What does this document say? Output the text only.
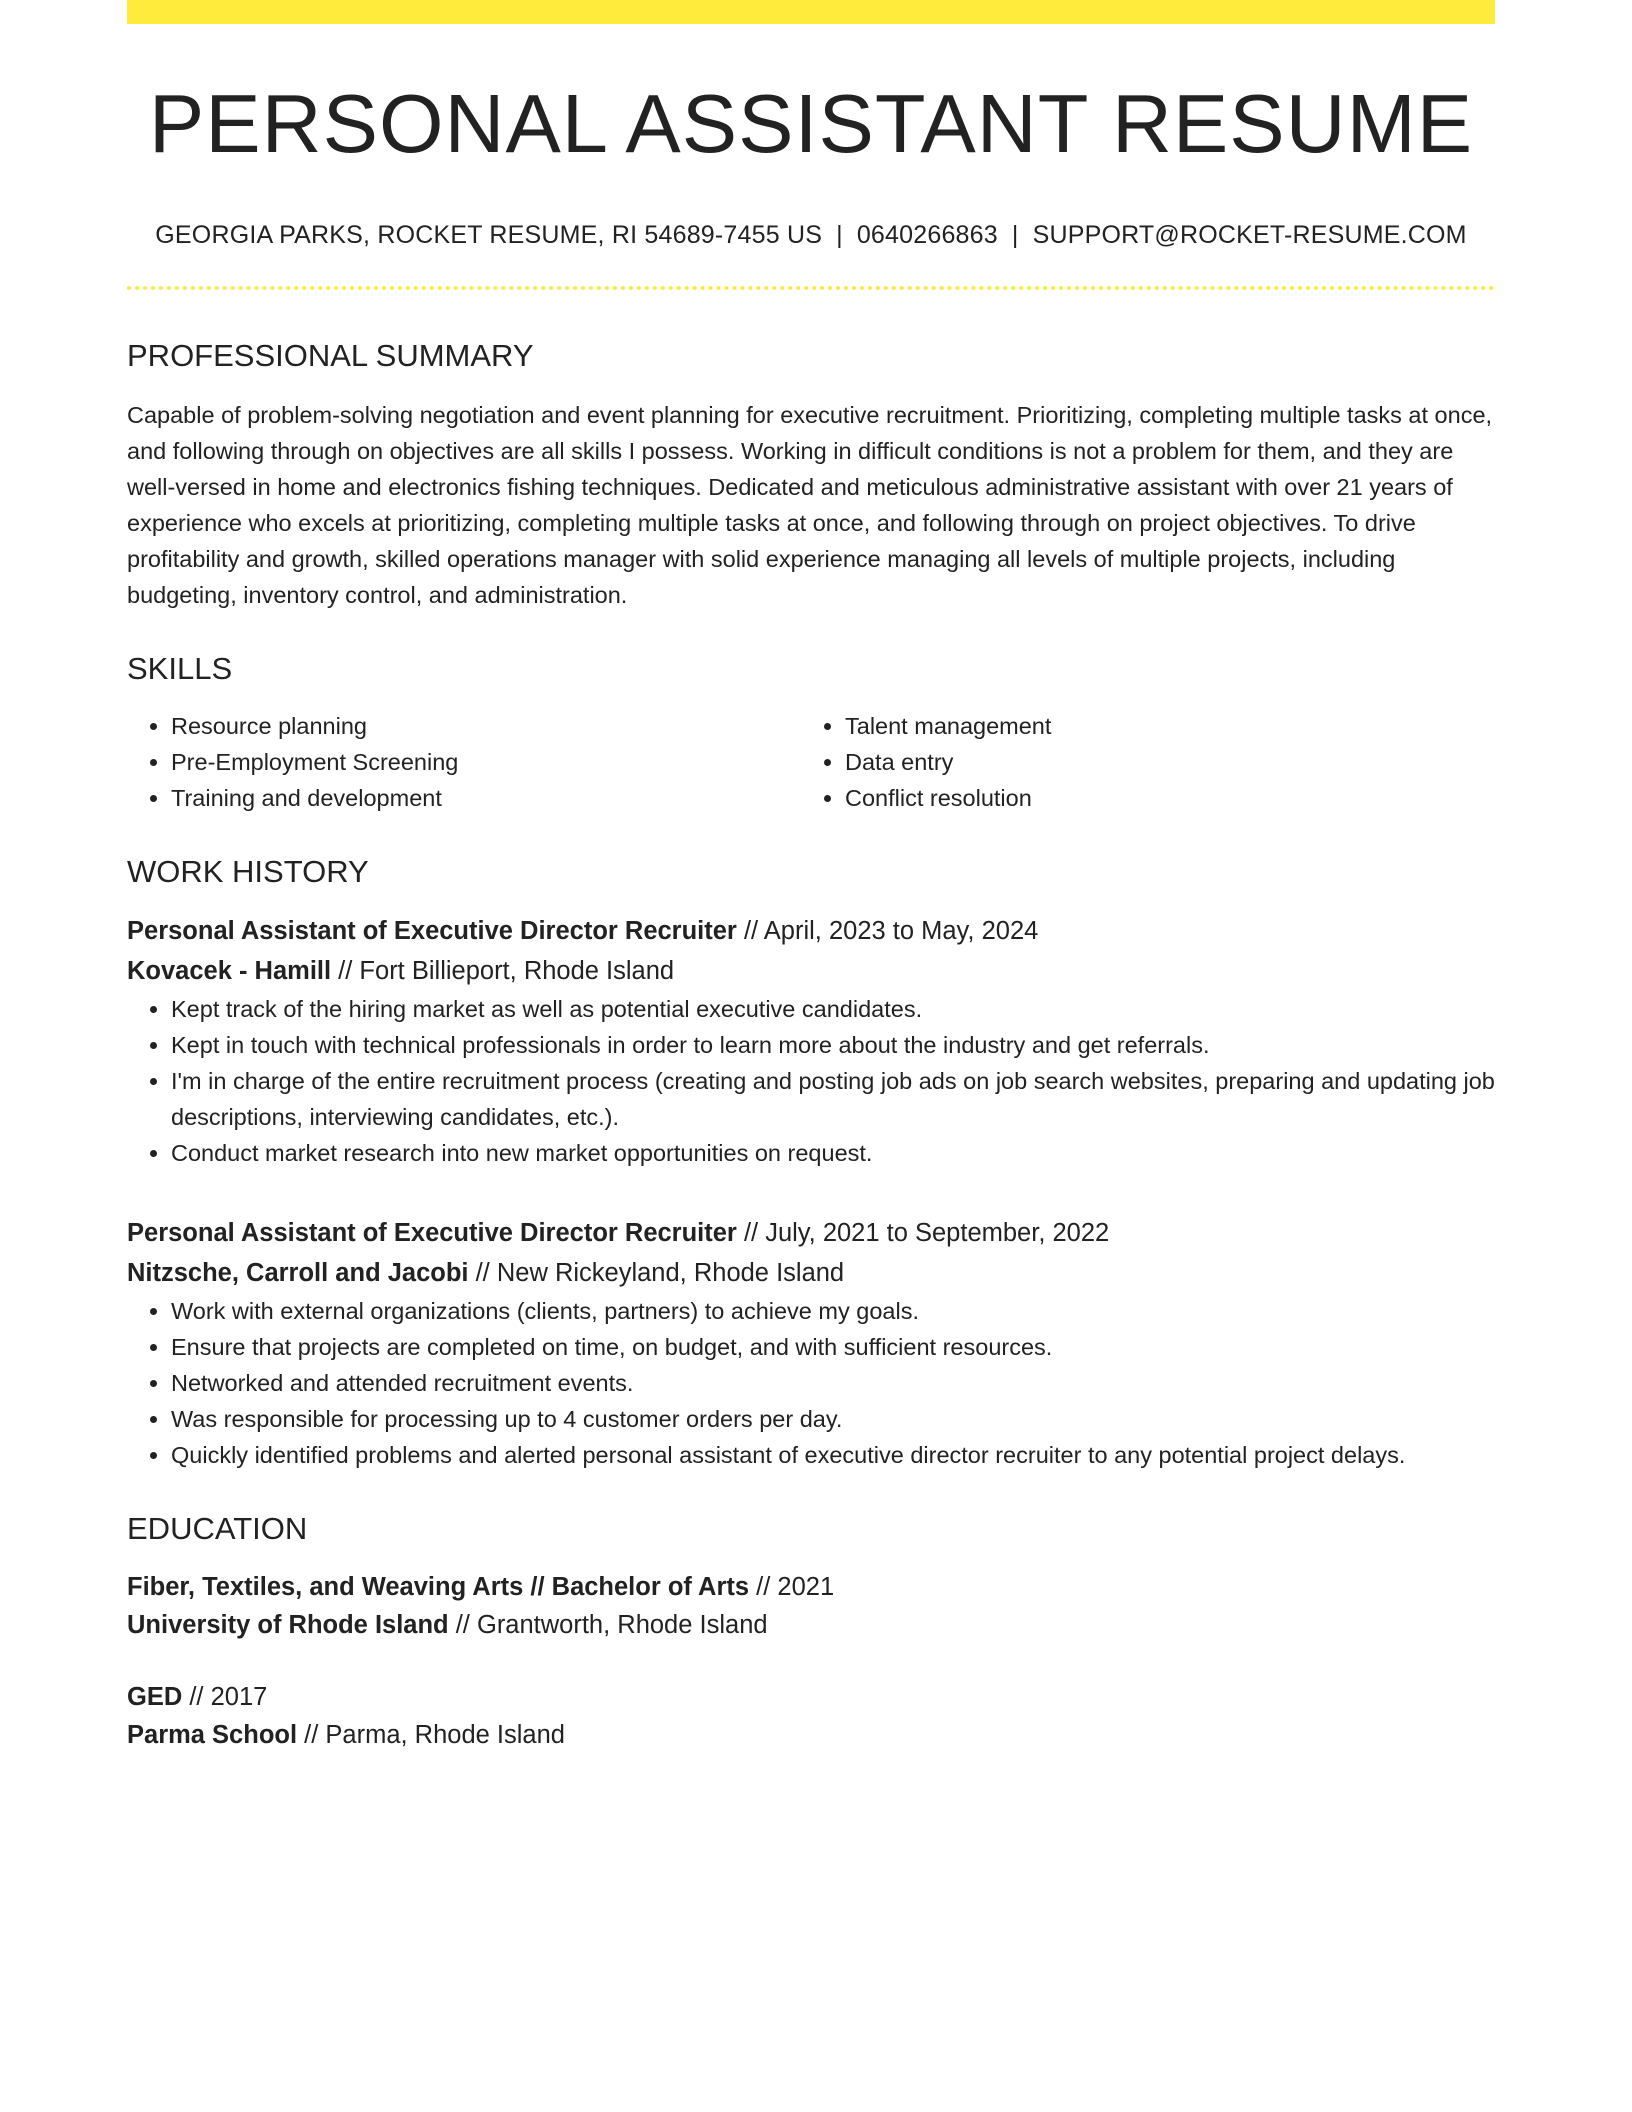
PERSONAL ASSISTANT RESUME
GEORGIA PARKS, ROCKET RESUME, RI 54689-7455 US | 0640266863 | SUPPORT@ROCKET-RESUME.COM
PROFESSIONAL SUMMARY
Capable of problem-solving negotiation and event planning for executive recruitment. Prioritizing, completing multiple tasks at once, and following through on objectives are all skills I possess. Working in difficult conditions is not a problem for them, and they are well-versed in home and electronics fishing techniques. Dedicated and meticulous administrative assistant with over 21 years of experience who excels at prioritizing, completing multiple tasks at once, and following through on project objectives. To drive profitability and growth, skilled operations manager with solid experience managing all levels of multiple projects, including budgeting, inventory control, and administration.
SKILLS
• Resource planning
• Pre-Employment Screening
• Training and development
• Talent management
• Data entry
• Conflict resolution
WORK HISTORY
Personal Assistant of Executive Director Recruiter // April, 2023 to May, 2024
Kovacek - Hamill // Fort Billieport, Rhode Island
• Kept track of the hiring market as well as potential executive candidates.
• Kept in touch with technical professionals in order to learn more about the industry and get referrals.
• I'm in charge of the entire recruitment process (creating and posting job ads on job search websites, preparing and updating job descriptions, interviewing candidates, etc.).
• Conduct market research into new market opportunities on request.
Personal Assistant of Executive Director Recruiter // July, 2021 to September, 2022
Nitzsche, Carroll and Jacobi // New Rickeyland, Rhode Island
• Work with external organizations (clients, partners) to achieve my goals.
• Ensure that projects are completed on time, on budget, and with sufficient resources.
• Networked and attended recruitment events.
• Was responsible for processing up to 4 customer orders per day.
• Quickly identified problems and alerted personal assistant of executive director recruiter to any potential project delays.
EDUCATION
Fiber, Textiles, and Weaving Arts // Bachelor of Arts // 2021
University of Rhode Island // Grantworth, Rhode Island
GED // 2017
Parma School // Parma, Rhode Island
